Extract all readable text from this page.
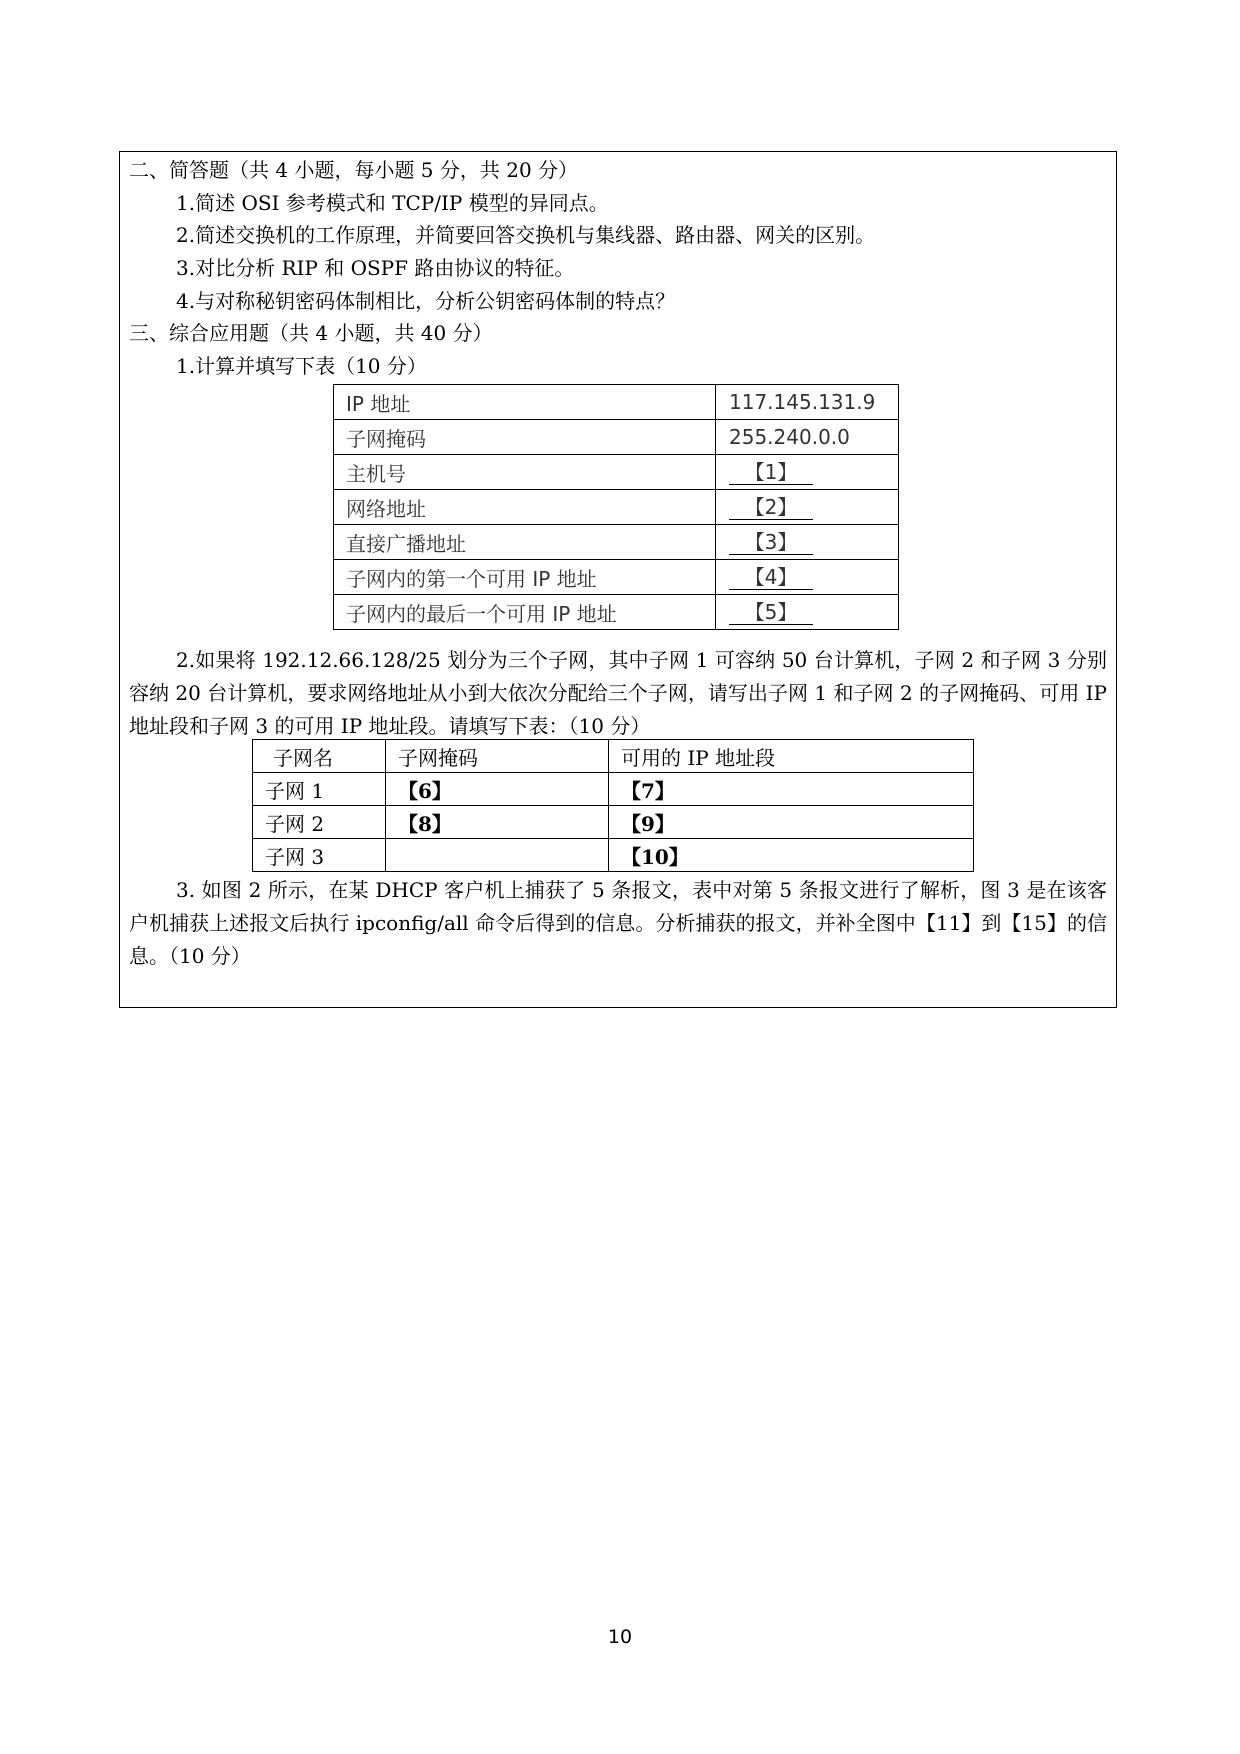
二、简答题（共 4 小题，每小题 5 分，共 20 分）

1.简述 OSI 参考模式和 TCP/IP 模型的异同点。

2.简述交换机的工作原理，并简要回答交换机与集线器、路由器、网关的区别。

3.对比分析 RIP 和 OSPF 路由协议的特征。

4.与对称秘钥密码体制相比，分析公钥密码体制的特点？

三、综合应用题（共 4 小题，共 40 分）

1.计算并填写下表（10 分）

IP 地址	117.145.131.9
子网掩码	255.240.0.0
主机号	【1】
网络地址	【2】
直接广播地址	【3】
子网内的第一个可用 IP 地址	【4】
子网内的最后一个可用 IP 地址	【5】

2.如果将 192.12.66.128/25 划分为三个子网，其中子网 1 可容纳 50 台计算机，子网 2 和子网 3 分别容纳 20 台计算机，要求网络地址从小到大依次分配给三个子网，请写出子网 1 和子网 2 的子网掩码、可用 IP 地址段和子网 3 的可用 IP 地址段。请填写下表：（10 分）

子网名	子网掩码	可用的 IP 地址段
子网 1	【6】	【7】
子网 2	【8】	【9】
子网 3		【10】

3. 如图 2 所示，在某 DHCP 客户机上捕获了 5 条报文，表中对第 5 条报文进行了解析，图 3 是在该客户机捕获上述报文后执行 ipconfig/all 命令后得到的信息。分析捕获的报文，并补全图中【11】到【15】的信息。（10 分）

10
